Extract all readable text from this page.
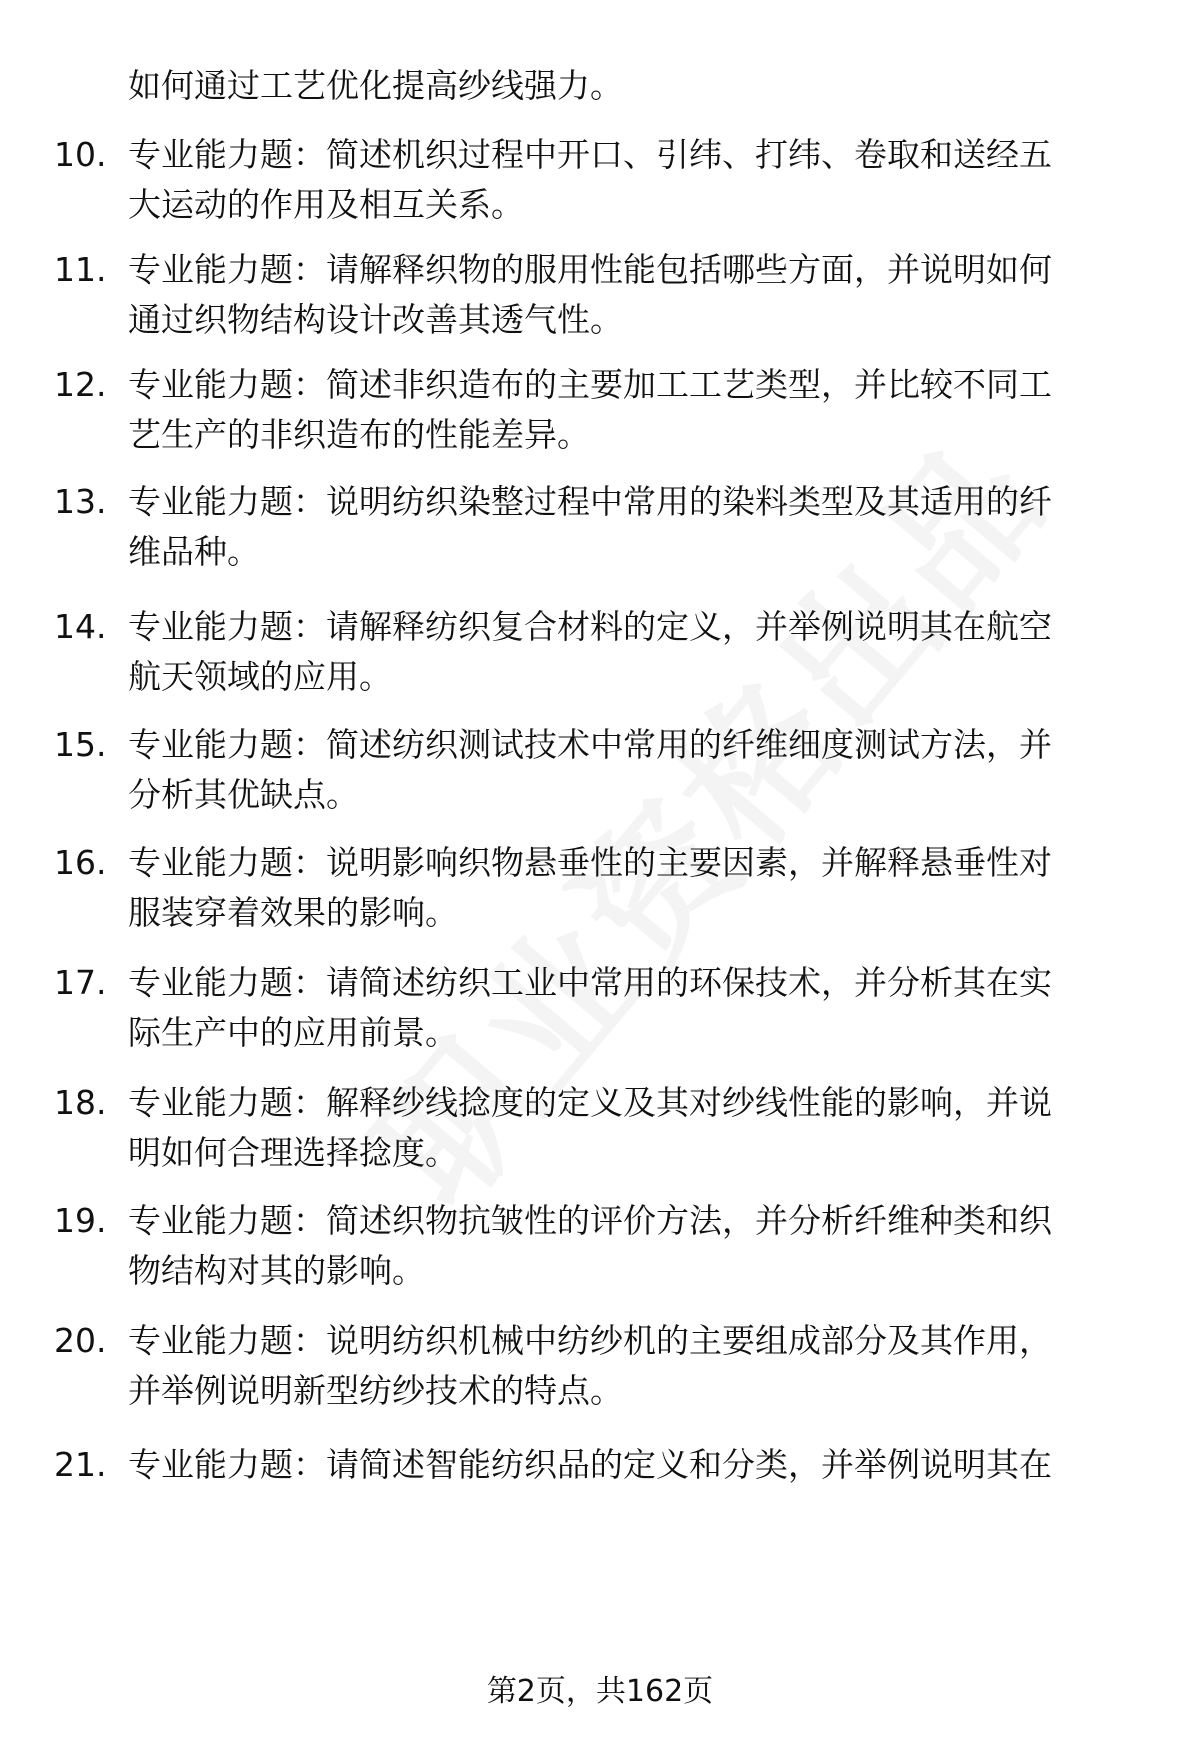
如何通过工艺优化提高纱线强力。
10. 专业能力题：简述机织过程中开口、引纬、打纬、卷取和送经五
大运动的作用及相互关系。
11. 专业能力题：请解释织物的服用性能包括哪些方面，并说明如何
通过织物结构设计改善其透气性。
12. 专业能力题：简述非织造布的主要加工工艺类型，并比较不同工
艺生产的非织造布的性能差异。
13. 专业能力题：说明纺织染整过程中常用的染料类型及其适用的纤
维品种。
14. 专业能力题：请解释纺织复合材料的定义，并举例说明其在航空
航天领域的应用。
15. 专业能力题：简述纺织测试技术中常用的纤维细度测试方法，并
分析其优缺点。
16. 专业能力题：说明影响织物悬垂性的主要因素，并解释悬垂性对
服装穿着效果的影响。
17. 专业能力题：请简述纺织工业中常用的环保技术，并分析其在实
际生产中的应用前景。
18. 专业能力题：解释纱线捻度的定义及其对纱线性能的影响，并说
明如何合理选择捻度。
19. 专业能力题：简述织物抗皱性的评价方法，并分析纤维种类和织
物结构对其的影响。
20. 专业能力题：说明纺织机械中纺纱机的主要组成部分及其作用，
并举例说明新型纺纱技术的特点。
21. 专业能力题：请简述智能纺织品的定义和分类，并举例说明其在
第2页，共162页
